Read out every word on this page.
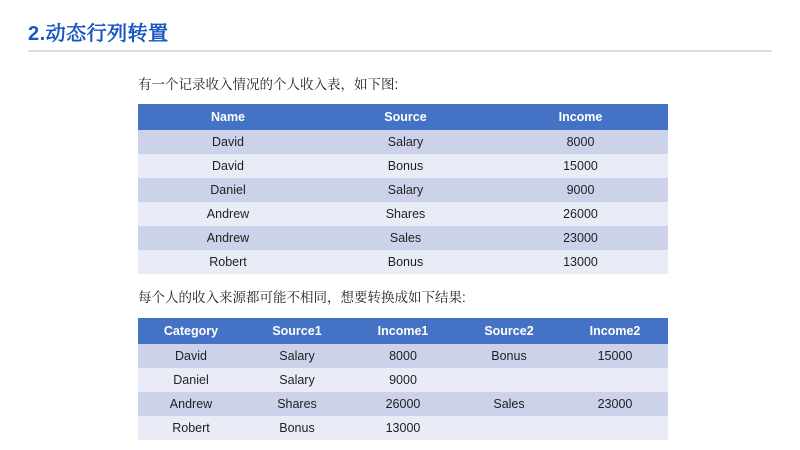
2.动态行列转置

有一个记录收入情况的个人收入表，如下图:

Name	Source	Income
David	Salary	8000
David	Bonus	15000
Daniel	Salary	9000
Andrew	Shares	26000
Andrew	Sales	23000
Robert	Bonus	13000

每个人的收入来源都可能不相同，想要转换成如下结果:

Category	Source1	Income1	Source2	Income2
David	Salary	8000	Bonus	15000
Daniel	Salary	9000		
Andrew	Shares	26000	Sales	23000
Robert	Bonus	13000		
